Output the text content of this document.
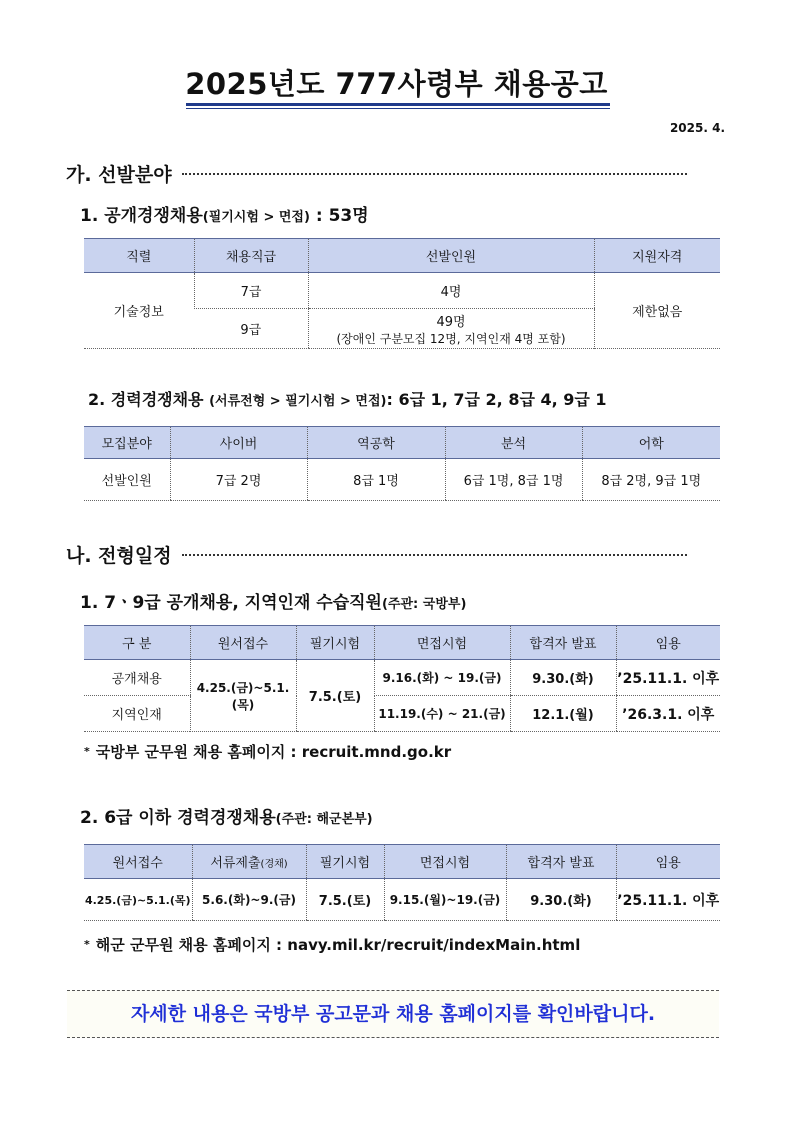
2025년도 777사령부 채용공고
2025. 4.
가. 선발분야
1. 공개경쟁채용(필기시험 > 면접) : 53명
직렬	채용직급	선발인원	지원자격
기술정보	7급	4명	제한없음
	9급	49명
(장애인 구분모집 12명, 지역인재 4명 포함)	
2. 경력경쟁채용 (서류전형 > 필기시험 > 면접): 6급 1, 7급 2, 8급 4, 9급 1
모집분야	사이버	역공학	분석	어학
선발인원	7급 2명	8급 1명	6급 1명, 8급 1명	8급 2명, 9급 1명
나. 전형일정
1. 7ㆍ9급 공개채용, 지역인재 수습직원(주관: 국방부)
구 분	원서접수	필기시험	면접시험	합격자 발표	임용
공개채용	4.25.(금)~5.1.(목)	7.5.(토)	9.16.(화) ~ 19.(금)	9.30.(화)	’25.11.1. 이후
지역인재			11.19.(수) ~ 21.(금)	12.1.(월)	’26.3.1. 이후
* 국방부 군무원 채용 홈페이지 : recruit.mnd.go.kr
2. 6급 이하 경력경쟁채용(주관: 해군본부)
원서접수	서류제출(경채)	필기시험	면접시험	합격자 발표	임용
4.25.(금)~5.1.(목)	5.6.(화)~9.(금)	7.5.(토)	9.15.(월)~19.(금)	9.30.(화)	’25.11.1. 이후
* 해군 군무원 채용 홈페이지 : navy.mil.kr/recruit/indexMain.html
자세한 내용은 국방부 공고문과 채용 홈페이지를 확인바랍니다.
